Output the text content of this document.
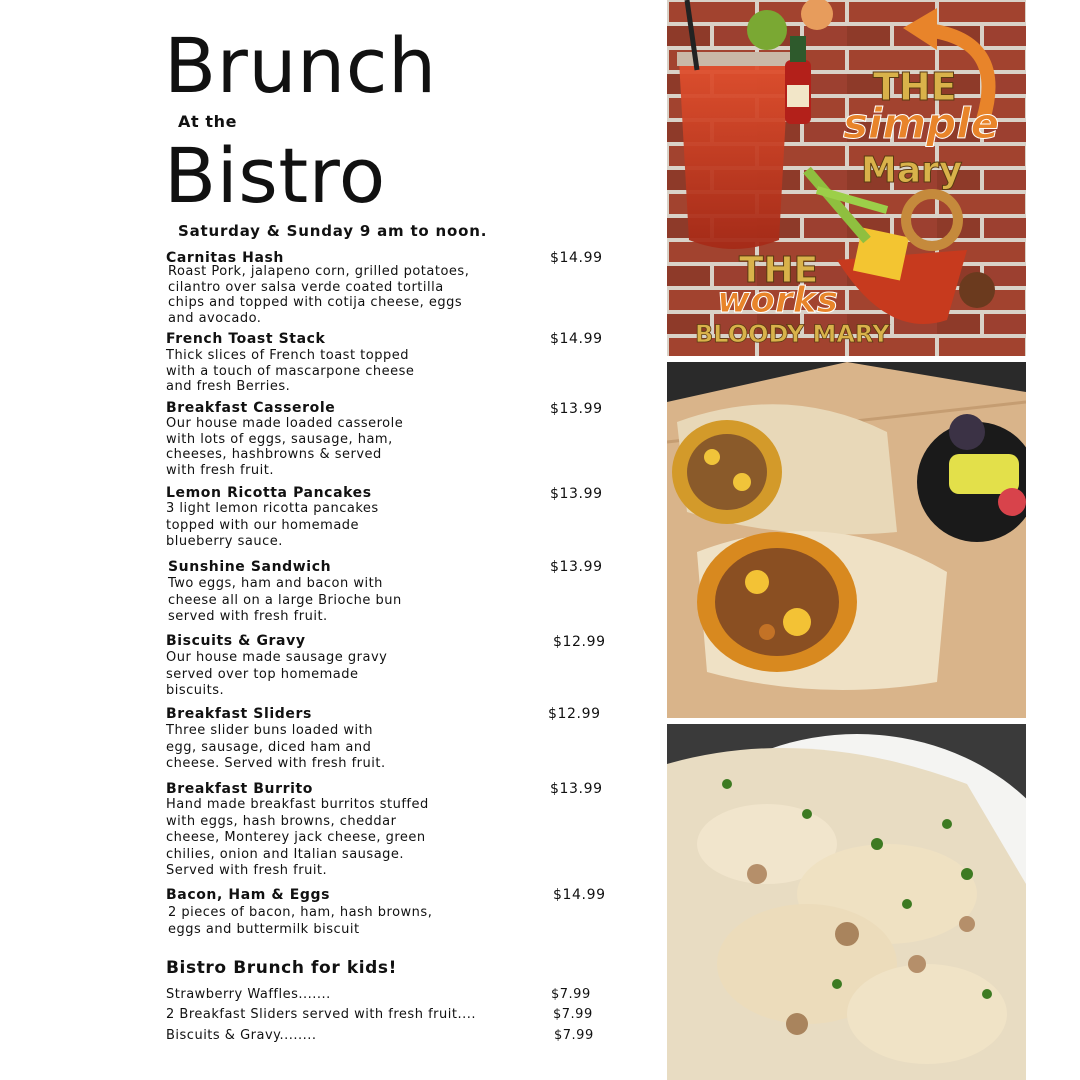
Brunch
At the
Bistro
Saturday & Sunday 9 am to noon.
Carnitas Hash	$14.99
Roast Pork, jalapeno corn, grilled potatoes,
cilantro over salsa verde coated tortilla
chips and topped with cotija cheese, eggs
and avocado.
French Toast Stack	$14.99
Thick slices of French toast topped
with a touch of mascarpone cheese
and fresh Berries.
Breakfast Casserole	$13.99
Our house made loaded casserole
with lots of eggs, sausage, ham,
cheeses, hashbrowns & served
with fresh fruit.
Lemon Ricotta Pancakes	$13.99
3 light lemon ricotta pancakes
topped with our homemade
blueberry sauce.
Sunshine Sandwich	$13.99
Two eggs, ham and bacon with
cheese all on a large Brioche bun
served with fresh fruit.
Biscuits & Gravy	$12.99
Our house made sausage gravy
served over top homemade
biscuits.
Breakfast Sliders	$12.99
Three slider buns loaded with
egg, sausage, diced ham and
cheese. Served with fresh fruit.
Breakfast Burrito	$13.99
Hand made breakfast burritos stuffed
with eggs, hash browns, cheddar
cheese, Monterey jack cheese, green
chilies, onion and Italian sausage.
Served with fresh fruit.
Bacon, Ham & Eggs	$14.99
2 pieces of bacon, ham, hash browns,
eggs and buttermilk biscuit
Bistro Brunch for kids!
Strawberry Waffles.......	$7.99
2 Breakfast Sliders served with fresh fruit....	$7.99
Biscuits & Gravy........	$7.99
THE
simple
Mary
THE
works
BLOODY MARY
